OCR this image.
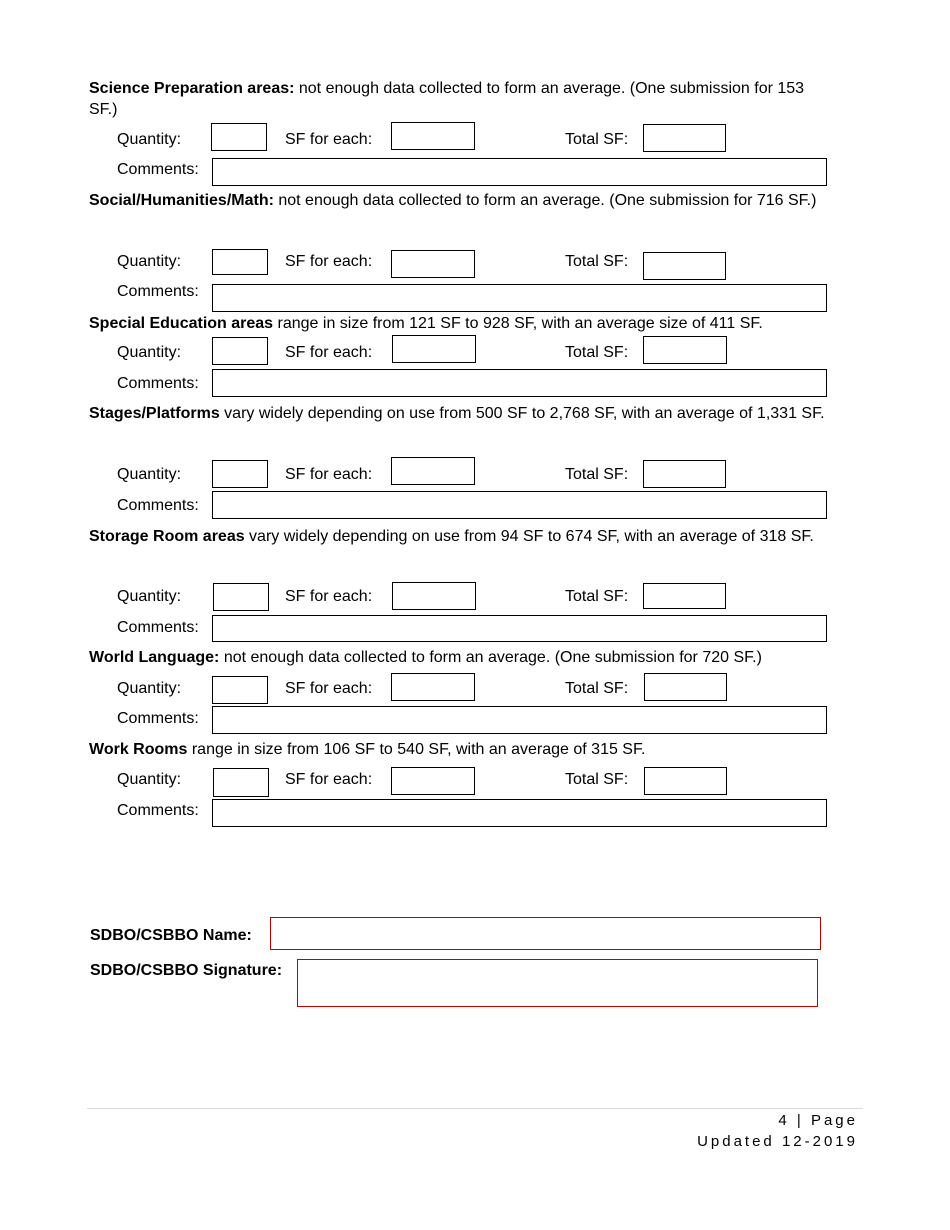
Science Preparation areas: not enough data collected to form an average. (One submission for 153 SF.)
Quantity:	SF for each:	Total SF:
Comments:
Social/Humanities/Math: not enough data collected to form an average. (One submission for 716 SF.)
Quantity:	SF for each:	Total SF:
Comments:
Special Education areas range in size from 121 SF to 928 SF, with an average size of 411 SF.
Quantity:	SF for each:	Total SF:
Comments:
Stages/Platforms vary widely depending on use from 500 SF to 2,768 SF, with an average of 1,331 SF.
Quantity:	SF for each:	Total SF:
Comments:
Storage Room areas vary widely depending on use from 94 SF to 674 SF, with an average of 318 SF.
Quantity:	SF for each:	Total SF:
Comments:
World Language: not enough data collected to form an average. (One submission for 720 SF.)
Quantity:	SF for each:	Total SF:
Comments:
Work Rooms range in size from 106 SF to 540 SF, with an average of 315 SF.
Quantity:	SF for each:	Total SF:
Comments:
SDBO/CSBBO Name:
SDBO/CSBBO Signature:
4 | Page
Updated 12-2019
